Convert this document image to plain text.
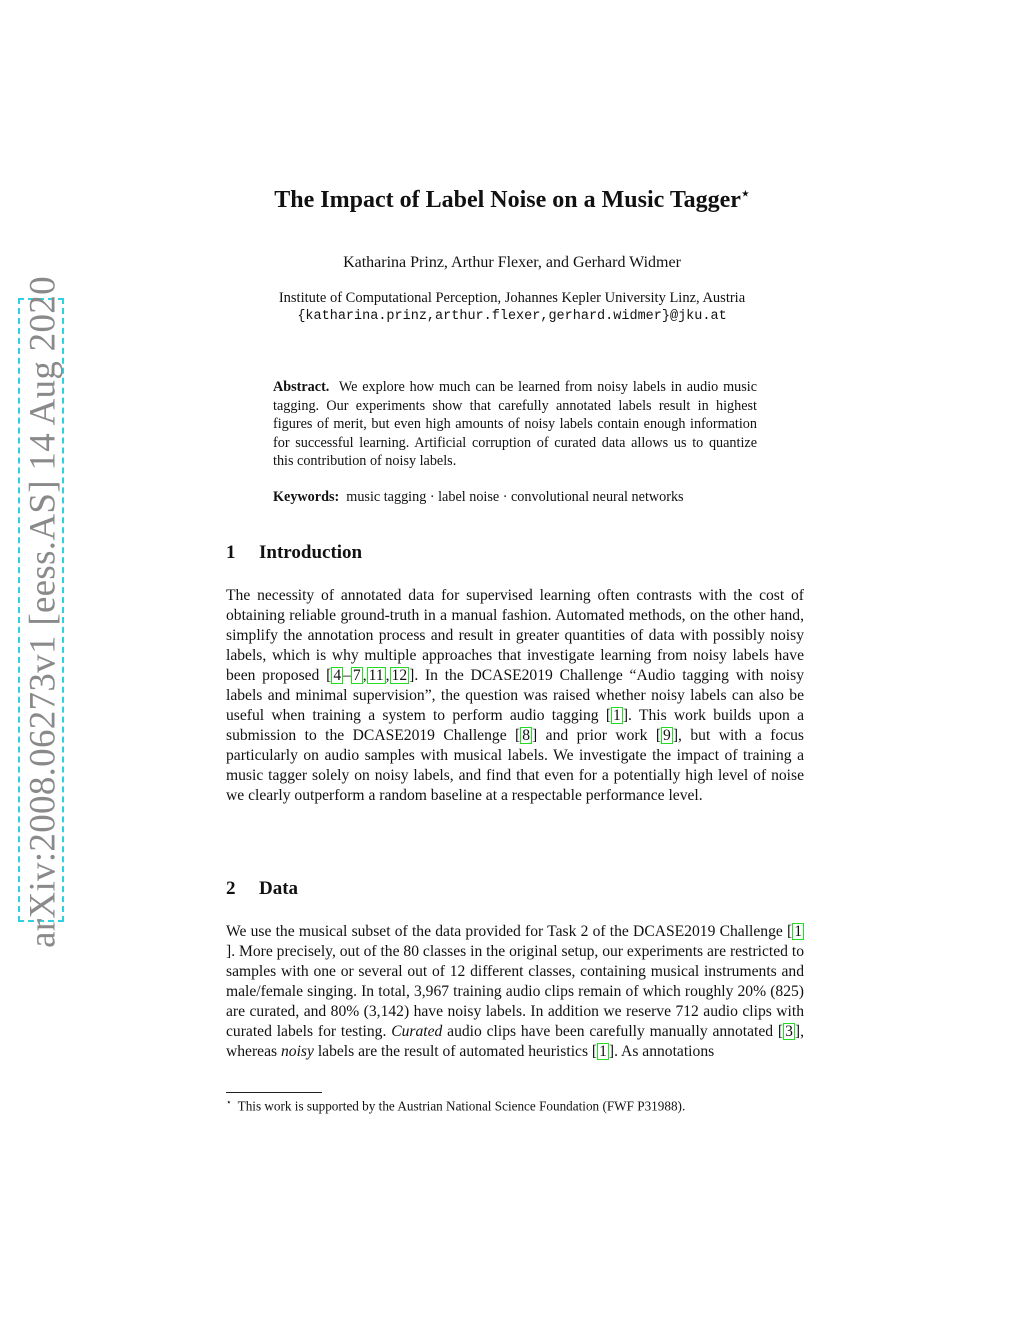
arXiv:2008.06273v1 [eess.AS] 14 Aug 2020
The Impact of Label Noise on a Music Tagger⋆
Katharina Prinz, Arthur Flexer, and Gerhard Widmer
Institute of Computational Perception, Johannes Kepler University Linz, Austria
{katharina.prinz,arthur.flexer,gerhard.widmer}@jku.at
Abstract. We explore how much can be learned from noisy labels in audio music tagging. Our experiments show that carefully annotated labels result in highest figures of merit, but even high amounts of noisy labels contain enough information for successful learning. Artificial corruption of curated data allows us to quantize this contribution of noisy labels.
Keywords: music tagging · label noise · convolutional neural networks
1 Introduction
The necessity of annotated data for supervised learning often contrasts with the cost of obtaining reliable ground-truth in a manual fashion. Automated methods, on the other hand, simplify the annotation process and result in greater quantities of data with possibly noisy labels, which is why multiple approaches that investigate learning from noisy labels have been proposed [ 4 – 7 , 11 , 12 ]. In the DCASE2019 Challenge “Audio tagging with noisy labels and minimal supervision”, the question was raised whether noisy labels can also be useful when training a system to perform audio tagging [ 1 ]. This work builds upon a submission to the DCASE2019 Challenge [ 8 ] and prior work [ 9 ], but with a focus particularly on audio samples with musical labels. We investigate the impact of training a music tagger solely on noisy labels, and find that even for a potentially high level of noise we clearly outperform a random baseline at a respectable performance level.
2 Data
We use the musical subset of the data provided for Task 2 of the DCASE2019 Challenge [ 1]. More precisely, out of the 80 classes in the original setup, our experiments are restricted to samples with one or several out of 12 different classes, containing musical instruments and male/female singing. In total, 3,967 training audio clips remain of which roughly 20% (825) are curated, and 80% (3,142) have noisy labels. In addition we reserve 712 audio clips with curated labels for testing. Curated audio clips have been carefully manually annotated [ 3 ], whereas noisy labels are the result of automated heuristics [ 1 ]. As annotations
⋆ This work is supported by the Austrian National Science Foundation (FWF P31988).
